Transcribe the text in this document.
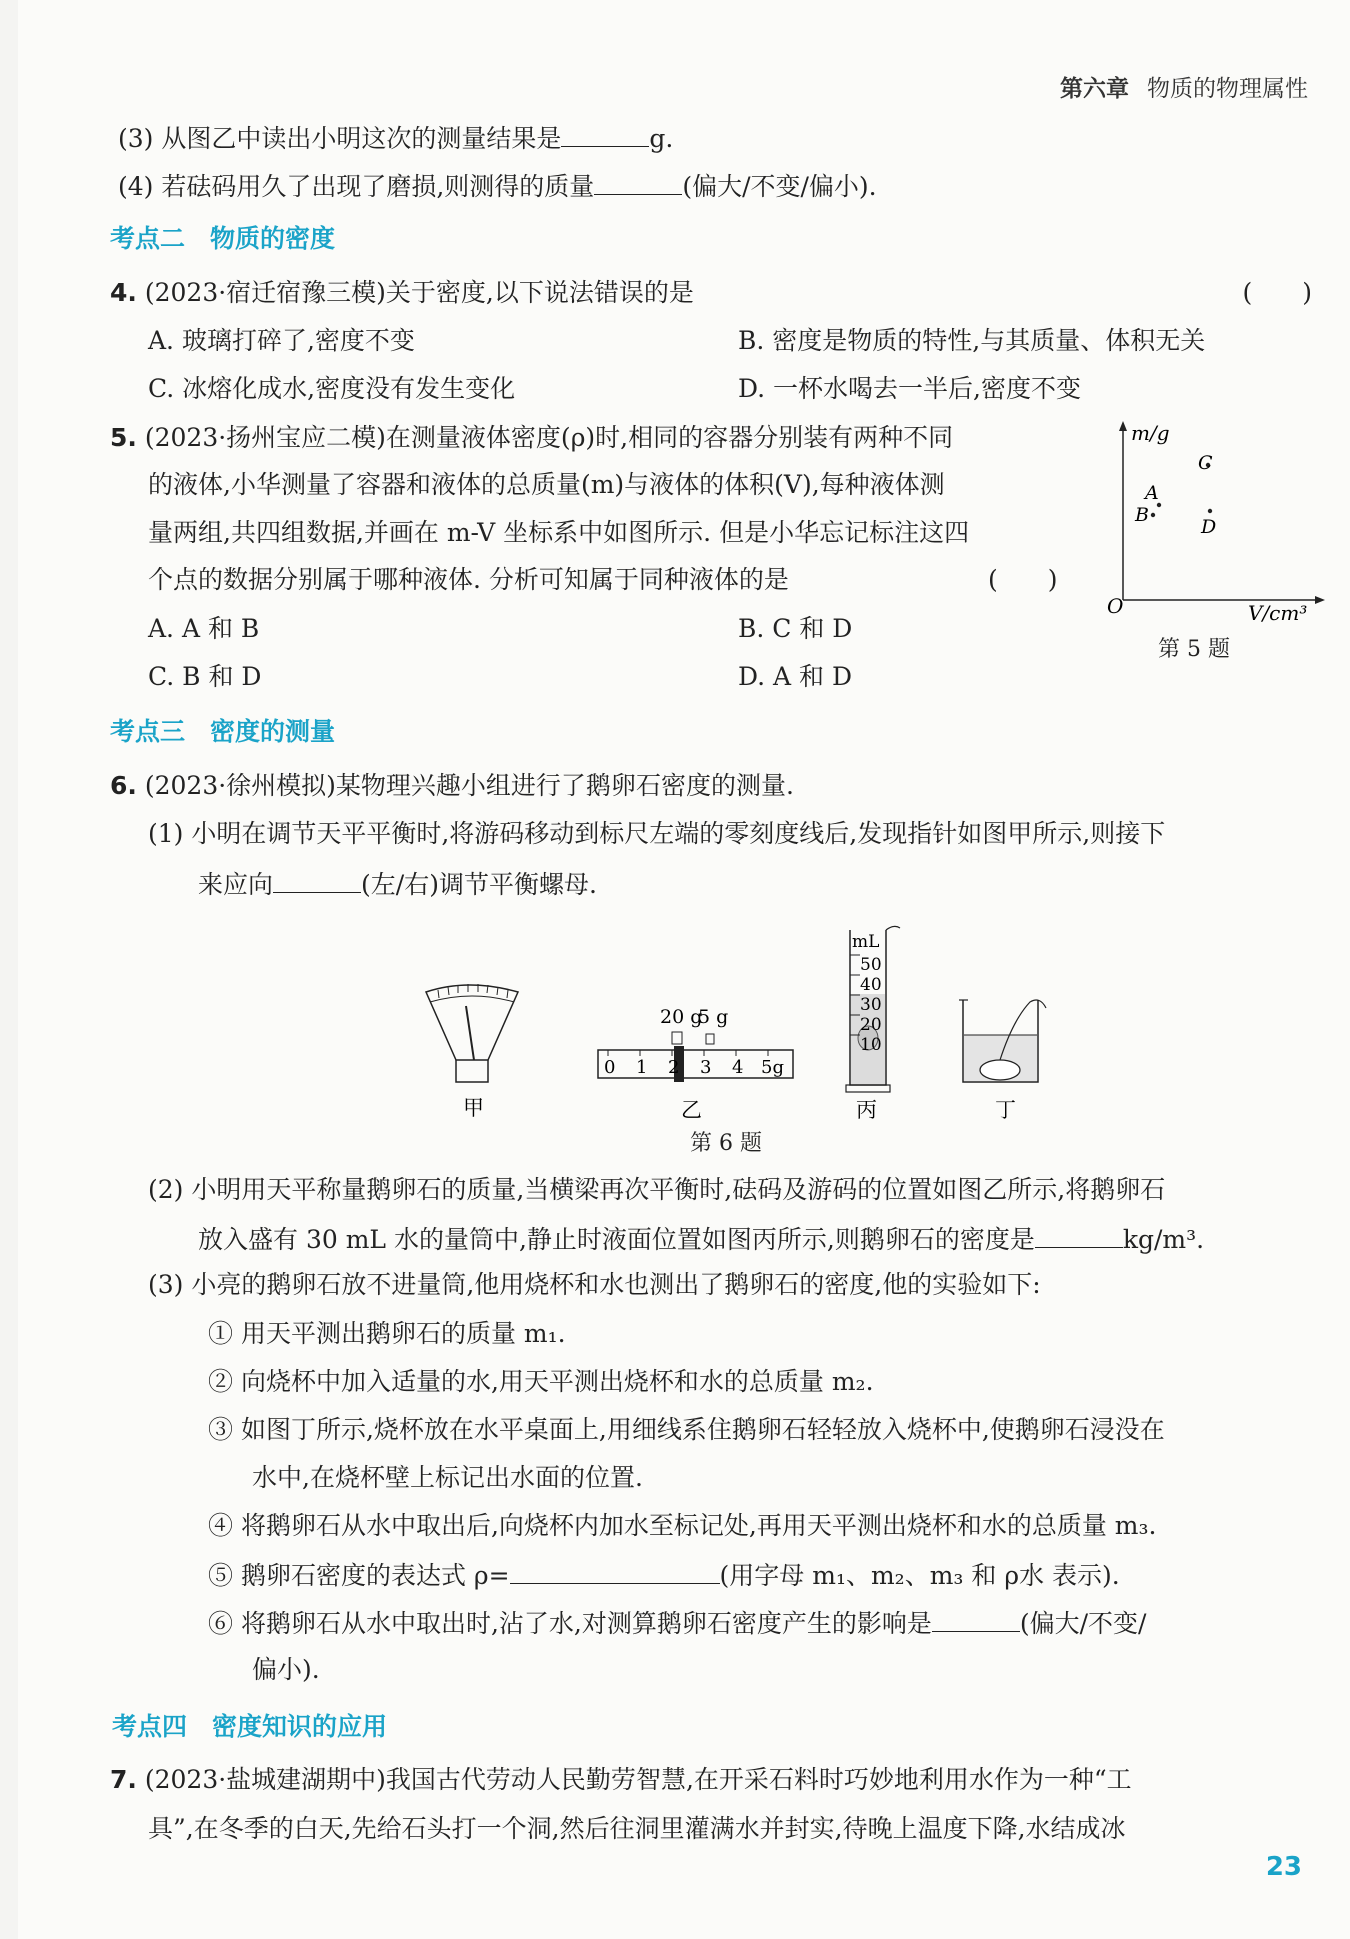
第六章 物质的物理属性
(3) 从图乙中读出小明这次的测量结果是	g.
(4) 若砝码用久了出现了磨损,则测得的质量	(偏大/不变/偏小).
考点二　物质的密度
4. (2023·宿迁宿豫三模)关于密度,以下说法错误的是	(　　)
A. 玻璃打碎了,密度不变	B. 密度是物质的特性,与其质量、体积无关
C. 冰熔化成水,密度没有发生变化	D. 一杯水喝去一半后,密度不变
5. (2023·扬州宝应二模)在测量液体密度(ρ)时,相同的容器分别装有两种不同
的液体,小华测量了容器和液体的总质量(m)与液体的体积(V),每种液体测
量两组,共四组数据,并画在 m-V 坐标系中如图所示. 但是小华忘记标注这四
个点的数据分别属于哪种液体. 分析可知属于同种液体的是	(　　)
A. A 和 B	B. C 和 D
C. B 和 D	D. A 和 D
m/g
V/cm³
O
A
B
D
C
第 5 题
考点三　密度的测量
6. (2023·徐州模拟)某物理兴趣小组进行了鹅卵石密度的测量.
(1) 小明在调节天平平衡时,将游码移动到标尺左端的零刻度线后,发现指针如图甲所示,则接下
来应向	(左/右)调节平衡螺母.
甲
0 1 2 3 4 5g
20 g
5 g
乙
mL
50
40
30
20
10
丙	丁
第 6 题
(2) 小明用天平称量鹅卵石的质量,当横梁再次平衡时,砝码及游码的位置如图乙所示,将鹅卵石
放入盛有 30 mL 水的量筒中,静止时液面位置如图丙所示,则鹅卵石的密度是	kg/m³.
(3) 小亮的鹅卵石放不进量筒,他用烧杯和水也测出了鹅卵石的密度,他的实验如下:
① 用天平测出鹅卵石的质量 m₁.
② 向烧杯中加入适量的水,用天平测出烧杯和水的总质量 m₂.
③ 如图丁所示,烧杯放在水平桌面上,用细线系住鹅卵石轻轻放入烧杯中,使鹅卵石浸没在
水中,在烧杯壁上标记出水面的位置.
④ 将鹅卵石从水中取出后,向烧杯内加水至标记处,再用天平测出烧杯和水的总质量 m₃.
⑤ 鹅卵石密度的表达式 ρ=	(用字母 m₁、m₂、m₃ 和 ρ水 表示).
⑥ 将鹅卵石从水中取出时,沾了水,对测算鹅卵石密度产生的影响是	(偏大/不变/
偏小).
考点四　密度知识的应用
7. (2023·盐城建湖期中)我国古代劳动人民勤劳智慧,在开采石料时巧妙地利用水作为一种“工
具”,在冬季的白天,先给石头打一个洞,然后往洞里灌满水并封实,待晚上温度下降,水结成冰
23
